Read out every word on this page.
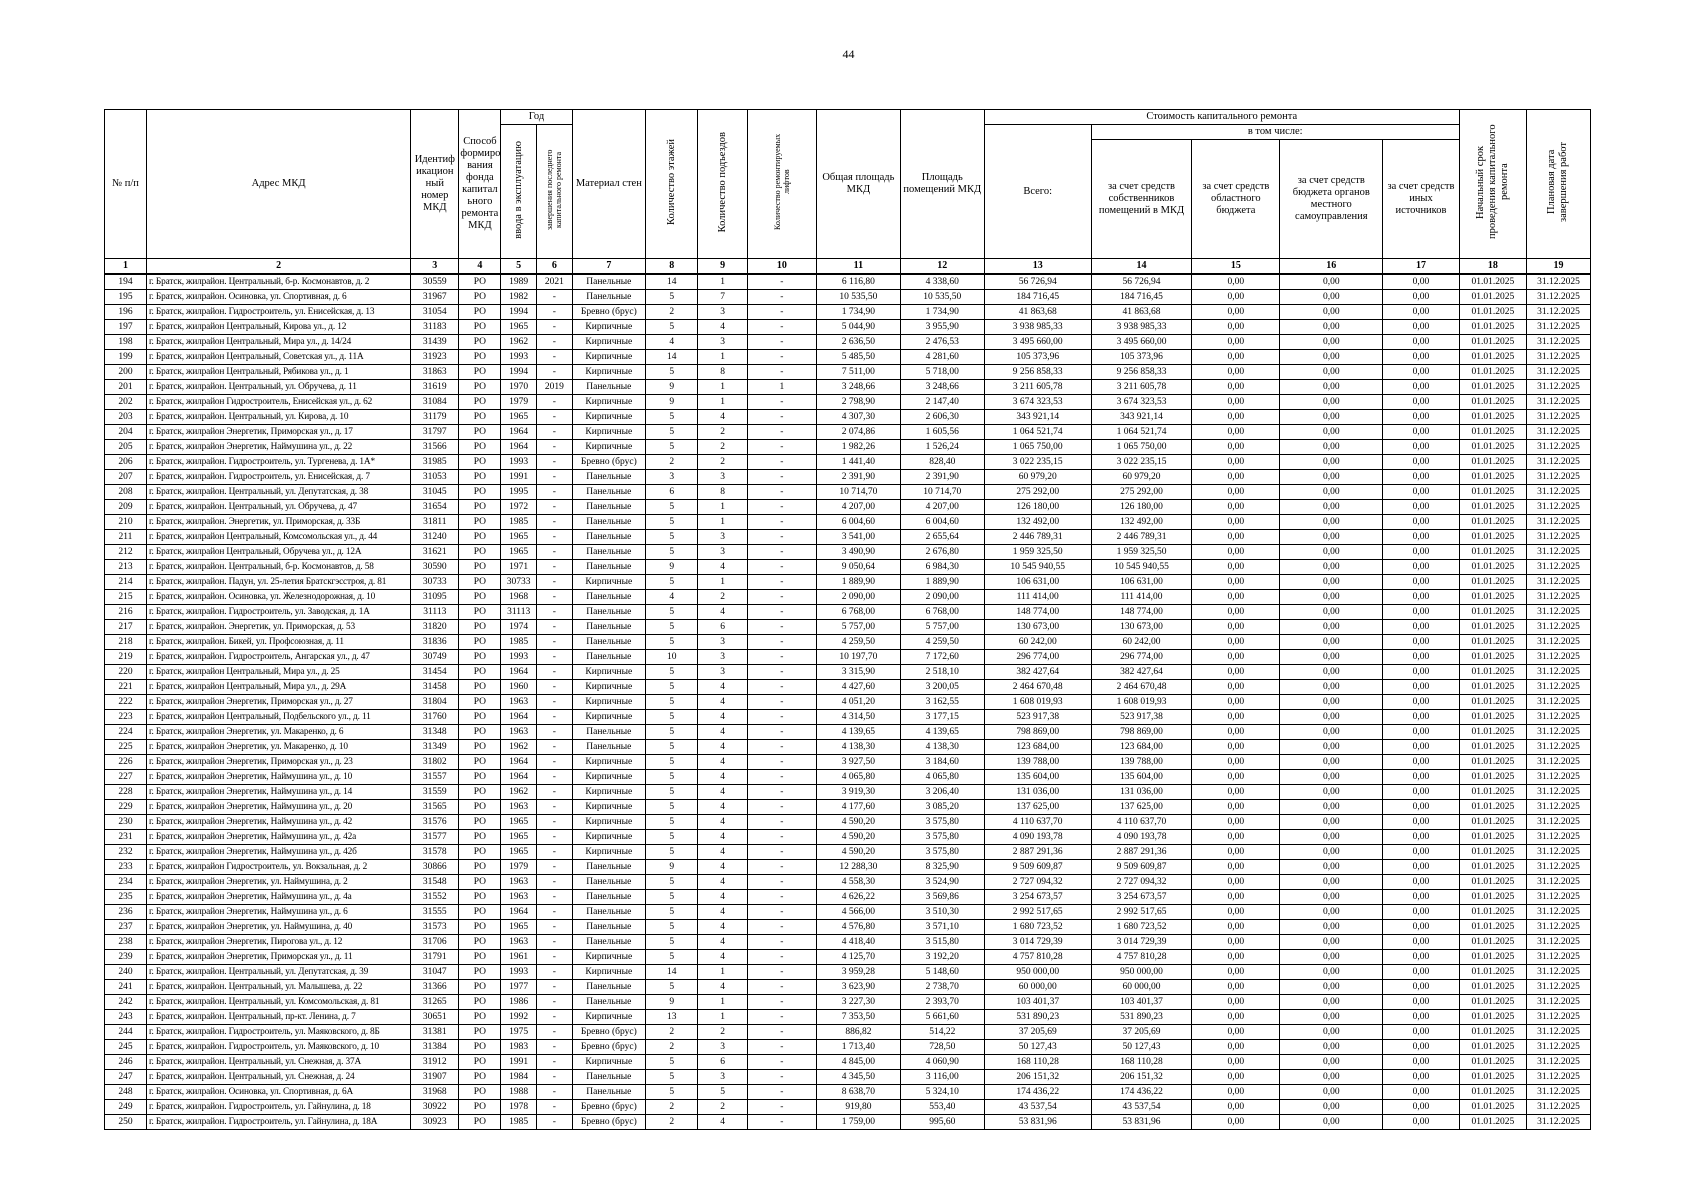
44
№ п/п	Адрес МКД	Идентиф икацион ный номер МКД	Способ формиро вания фонда капитал ьного ремонта МКД	Год		Материал стен	Количество этажей	Количество подъездов	Количество ремонтируемых лифтов	Общая площадь МКД	Площадь помещений МКД	Стоимость капитального ремонта					Начальный срок проведения капитального ремонта	Плановая дата завершения работ
				ввода в эксплуатацию	завершения последнего капитального ремонта							Всего:	в том числе:					
													за счет средств собственников помещений в МКД	за счет средств областного бюджета	за счет средств бюджета органов местного самоуправления	за счет средств иных источников		
1	2	3	4	5	6	7	8	9	10	11	12	13	14	15	16	17	18	19
194	г. Братск, жилрайон. Центральный, б-р. Космонавтов, д. 2	30559	РО	1989	2021	Панельные	14	1	-	6 116,80	4 338,60	56 726,94	56 726,94	0,00	0,00	0,00	01.01.2025	31.12.2025
195	г. Братск, жилрайон. Осиновка, ул. Спортивная, д. 6	31967	РО	1982	-	Панельные	5	7	-	10 535,50	10 535,50	184 716,45	184 716,45	0,00	0,00	0,00	01.01.2025	31.12.2025
196	г. Братск, жилрайон. Гидростроитель, ул. Енисейская, д. 13	31054	РО	1994	-	Бревно (брус)	2	3	-	1 734,90	1 734,90	41 863,68	41 863,68	0,00	0,00	0,00	01.01.2025	31.12.2025
197	г. Братск, жилрайон Центральный, Кирова ул., д. 12	31183	РО	1965	-	Кирпичные	5	4	-	5 044,90	3 955,90	3 938 985,33	3 938 985,33	0,00	0,00	0,00	01.01.2025	31.12.2025
198	г. Братск, жилрайон Центральный, Мира ул., д. 14/24	31439	РО	1962	-	Кирпичные	4	3	-	2 636,50	2 476,53	3 495 660,00	3 495 660,00	0,00	0,00	0,00	01.01.2025	31.12.2025
199	г. Братск, жилрайон Центральный, Советская ул., д. 11А	31923	РО	1993	-	Кирпичные	14	1	-	5 485,50	4 281,60	105 373,96	105 373,96	0,00	0,00	0,00	01.01.2025	31.12.2025
200	г. Братск, жилрайон Центральный, Рябикова ул., д. 1	31863	РО	1994	-	Кирпичные	5	8	-	7 511,00	5 718,00	9 256 858,33	9 256 858,33	0,00	0,00	0,00	01.01.2025	31.12.2025
201	г. Братск, жилрайон. Центральный, ул. Обручева, д. 11	31619	РО	1970	2019	Панельные	9	1	1	3 248,66	3 248,66	3 211 605,78	3 211 605,78	0,00	0,00	0,00	01.01.2025	31.12.2025
202	г. Братск, жилрайон Гидростроитель, Енисейская ул., д. 62	31084	РО	1979	-	Кирпичные	9	1	-	2 798,90	2 147,40	3 674 323,53	3 674 323,53	0,00	0,00	0,00	01.01.2025	31.12.2025
203	г. Братск, жилрайон. Центральный, ул. Кирова, д. 10	31179	РО	1965	-	Кирпичные	5	4	-	4 307,30	2 606,30	343 921,14	343 921,14	0,00	0,00	0,00	01.01.2025	31.12.2025
204	г. Братск, жилрайон Энергетик, Приморская ул., д. 17	31797	РО	1964	-	Кирпичные	5	2	-	2 074,86	1 605,56	1 064 521,74	1 064 521,74	0,00	0,00	0,00	01.01.2025	31.12.2025
205	г. Братск, жилрайон Энергетик, Наймушина ул., д. 22	31566	РО	1964	-	Кирпичные	5	2	-	1 982,26	1 526,24	1 065 750,00	1 065 750,00	0,00	0,00	0,00	01.01.2025	31.12.2025
206	г. Братск, жилрайон. Гидростроитель, ул. Тургенева, д. 1А*	31985	РО	1993	-	Бревно (брус)	2	2	-	1 441,40	828,40	3 022 235,15	3 022 235,15	0,00	0,00	0,00	01.01.2025	31.12.2025
207	г. Братск, жилрайон. Гидростроитель, ул. Енисейская, д. 7	31053	РО	1991	-	Панельные	3	3	-	2 391,90	2 391,90	60 979,20	60 979,20	0,00	0,00	0,00	01.01.2025	31.12.2025
208	г. Братск, жилрайон. Центральный, ул. Депутатская, д. 38	31045	РО	1995	-	Панельные	6	8	-	10 714,70	10 714,70	275 292,00	275 292,00	0,00	0,00	0,00	01.01.2025	31.12.2025
209	г. Братск, жилрайон. Центральный, ул. Обручева, д. 47	31654	РО	1972	-	Панельные	5	1	-	4 207,00	4 207,00	126 180,00	126 180,00	0,00	0,00	0,00	01.01.2025	31.12.2025
210	г. Братск, жилрайон. Энергетик, ул. Приморская, д. 33Б	31811	РО	1985	-	Панельные	5	1	-	6 004,60	6 004,60	132 492,00	132 492,00	0,00	0,00	0,00	01.01.2025	31.12.2025
211	г. Братск, жилрайон Центральный, Комсомольская ул., д. 44	31240	РО	1965	-	Панельные	5	3	-	3 541,00	2 655,64	2 446 789,31	2 446 789,31	0,00	0,00	0,00	01.01.2025	31.12.2025
212	г. Братск, жилрайон Центральный, Обручева ул., д. 12А	31621	РО	1965	-	Панельные	5	3	-	3 490,90	2 676,80	1 959 325,50	1 959 325,50	0,00	0,00	0,00	01.01.2025	31.12.2025
213	г. Братск, жилрайон. Центральный, б-р. Космонавтов, д. 58	30590	РО	1971	-	Панельные	9	4	-	9 050,64	6 984,30	10 545 940,55	10 545 940,55	0,00	0,00	0,00	01.01.2025	31.12.2025
214	г. Братск, жилрайон. Падун, ул. 25-летия Братскгэсстроя, д. 81	30733	РО	30733	-	Кирпичные	5	1	-	1 889,90	1 889,90	106 631,00	106 631,00	0,00	0,00	0,00	01.01.2025	31.12.2025
215	г. Братск, жилрайон. Осиновка, ул. Железнодорожная, д. 10	31095	РО	1968	-	Панельные	4	2	-	2 090,00	2 090,00	111 414,00	111 414,00	0,00	0,00	0,00	01.01.2025	31.12.2025
216	г. Братск, жилрайон. Гидростроитель, ул. Заводская, д. 1А	31113	РО	31113	-	Панельные	5	4	-	6 768,00	6 768,00	148 774,00	148 774,00	0,00	0,00	0,00	01.01.2025	31.12.2025
217	г. Братск, жилрайон. Энергетик, ул. Приморская, д. 53	31820	РО	1974	-	Панельные	5	6	-	5 757,00	5 757,00	130 673,00	130 673,00	0,00	0,00	0,00	01.01.2025	31.12.2025
218	г. Братск, жилрайон. Бикей, ул. Профсоюзная, д. 11	31836	РО	1985	-	Панельные	5	3	-	4 259,50	4 259,50	60 242,00	60 242,00	0,00	0,00	0,00	01.01.2025	31.12.2025
219	г. Братск, жилрайон. Гидростроитель, Ангарская ул., д. 47	30749	РО	1993	-	Панельные	10	3	-	10 197,70	7 172,60	296 774,00	296 774,00	0,00	0,00	0,00	01.01.2025	31.12.2025
220	г. Братск, жилрайон Центральный, Мира ул., д. 25	31454	РО	1964	-	Кирпичные	5	3	-	3 315,90	2 518,10	382 427,64	382 427,64	0,00	0,00	0,00	01.01.2025	31.12.2025
221	г. Братск, жилрайон Центральный, Мира ул., д. 29А	31458	РО	1960	-	Кирпичные	5	4	-	4 427,60	3 200,05	2 464 670,48	2 464 670,48	0,00	0,00	0,00	01.01.2025	31.12.2025
222	г. Братск, жилрайон Энергетик, Приморская ул., д. 27	31804	РО	1963	-	Кирпичные	5	4	-	4 051,20	3 162,55	1 608 019,93	1 608 019,93	0,00	0,00	0,00	01.01.2025	31.12.2025
223	г. Братск, жилрайон Центральный, Подбельского ул., д. 11	31760	РО	1964	-	Кирпичные	5	4	-	4 314,50	3 177,15	523 917,38	523 917,38	0,00	0,00	0,00	01.01.2025	31.12.2025
224	г. Братск, жилрайон Энергетик, ул. Макаренко, д. 6	31348	РО	1963	-	Панельные	5	4	-	4 139,65	4 139,65	798 869,00	798 869,00	0,00	0,00	0,00	01.01.2025	31.12.2025
225	г. Братск, жилрайон Энергетик, ул. Макаренко, д. 10	31349	РО	1962	-	Панельные	5	4	-	4 138,30	4 138,30	123 684,00	123 684,00	0,00	0,00	0,00	01.01.2025	31.12.2025
226	г. Братск, жилрайон Энергетик, Приморская ул., д. 23	31802	РО	1964	-	Кирпичные	5	4	-	3 927,50	3 184,60	139 788,00	139 788,00	0,00	0,00	0,00	01.01.2025	31.12.2025
227	г. Братск, жилрайон Энергетик, Наймушина ул., д. 10	31557	РО	1964	-	Кирпичные	5	4	-	4 065,80	4 065,80	135 604,00	135 604,00	0,00	0,00	0,00	01.01.2025	31.12.2025
228	г. Братск, жилрайон Энергетик, Наймушина ул., д. 14	31559	РО	1962	-	Кирпичные	5	4	-	3 919,30	3 206,40	131 036,00	131 036,00	0,00	0,00	0,00	01.01.2025	31.12.2025
229	г. Братск, жилрайон Энергетик, Наймушина ул., д. 20	31565	РО	1963	-	Кирпичные	5	4	-	4 177,60	3 085,20	137 625,00	137 625,00	0,00	0,00	0,00	01.01.2025	31.12.2025
230	г. Братск, жилрайон Энергетик, Наймушина ул., д. 42	31576	РО	1965	-	Кирпичные	5	4	-	4 590,20	3 575,80	4 110 637,70	4 110 637,70	0,00	0,00	0,00	01.01.2025	31.12.2025
231	г. Братск, жилрайон Энергетик, Наймушина ул., д. 42а	31577	РО	1965	-	Кирпичные	5	4	-	4 590,20	3 575,80	4 090 193,78	4 090 193,78	0,00	0,00	0,00	01.01.2025	31.12.2025
232	г. Братск, жилрайон Энергетик, Наймушина ул., д. 42б	31578	РО	1965	-	Кирпичные	5	4	-	4 590,20	3 575,80	2 887 291,36	2 887 291,36	0,00	0,00	0,00	01.01.2025	31.12.2025
233	г. Братск, жилрайон Гидростроитель, ул. Вокзальная, д. 2	30866	РО	1979	-	Панельные	9	4	-	12 288,30	8 325,90	9 509 609,87	9 509 609,87	0,00	0,00	0,00	01.01.2025	31.12.2025
234	г. Братск, жилрайон Энергетик, ул. Наймушина, д. 2	31548	РО	1963	-	Панельные	5	4	-	4 558,30	3 524,90	2 727 094,32	2 727 094,32	0,00	0,00	0,00	01.01.2025	31.12.2025
235	г. Братск, жилрайон Энергетик, Наймушина ул., д. 4а	31552	РО	1963	-	Панельные	5	4	-	4 626,22	3 569,86	3 254 673,57	3 254 673,57	0,00	0,00	0,00	01.01.2025	31.12.2025
236	г. Братск, жилрайон Энергетик, Наймушина ул., д. 6	31555	РО	1964	-	Панельные	5	4	-	4 566,00	3 510,30	2 992 517,65	2 992 517,65	0,00	0,00	0,00	01.01.2025	31.12.2025
237	г. Братск, жилрайон Энергетик, ул. Наймушина, д. 40	31573	РО	1965	-	Панельные	5	4	-	4 576,80	3 571,10	1 680 723,52	1 680 723,52	0,00	0,00	0,00	01.01.2025	31.12.2025
238	г. Братск, жилрайон Энергетик, Пирогова ул., д. 12	31706	РО	1963	-	Панельные	5	4	-	4 418,40	3 515,80	3 014 729,39	3 014 729,39	0,00	0,00	0,00	01.01.2025	31.12.2025
239	г. Братск, жилрайон Энергетик, Приморская ул., д. 11	31791	РО	1961	-	Кирпичные	5	4	-	4 125,70	3 192,20	4 757 810,28	4 757 810,28	0,00	0,00	0,00	01.01.2025	31.12.2025
240	г. Братск, жилрайон. Центральный, ул. Депутатская, д. 39	31047	РО	1993	-	Кирпичные	14	1	-	3 959,28	5 148,60	950 000,00	950 000,00	0,00	0,00	0,00	01.01.2025	31.12.2025
241	г. Братск, жилрайон. Центральный, ул. Малышева, д. 22	31366	РО	1977	-	Панельные	5	4	-	3 623,90	2 738,70	60 000,00	60 000,00	0,00	0,00	0,00	01.01.2025	31.12.2025
242	г. Братск, жилрайон. Центральный, ул. Комсомольская, д. 81	31265	РО	1986	-	Панельные	9	1	-	3 227,30	2 393,70	103 401,37	103 401,37	0,00	0,00	0,00	01.01.2025	31.12.2025
243	г. Братск, жилрайон. Центральный, пр-кт. Ленина, д. 7	30651	РО	1992	-	Кирпичные	13	1	-	7 353,50	5 661,60	531 890,23	531 890,23	0,00	0,00	0,00	01.01.2025	31.12.2025
244	г. Братск, жилрайон. Гидростроитель, ул. Маяковского, д. 8Б	31381	РО	1975	-	Бревно (брус)	2	2	-	886,82	514,22	37 205,69	37 205,69	0,00	0,00	0,00	01.01.2025	31.12.2025
245	г. Братск, жилрайон. Гидростроитель, ул. Маяковского, д. 10	31384	РО	1983	-	Бревно (брус)	2	3	-	1 713,40	728,50	50 127,43	50 127,43	0,00	0,00	0,00	01.01.2025	31.12.2025
246	г. Братск, жилрайон. Центральный, ул. Снежная, д. 37А	31912	РО	1991	-	Кирпичные	5	6	-	4 845,00	4 060,90	168 110,28	168 110,28	0,00	0,00	0,00	01.01.2025	31.12.2025
247	г. Братск, жилрайон. Центральный, ул. Снежная, д. 24	31907	РО	1984	-	Панельные	5	3	-	4 345,50	3 116,00	206 151,32	206 151,32	0,00	0,00	0,00	01.01.2025	31.12.2025
248	г. Братск, жилрайон. Осиновка, ул. Спортивная, д. 6А	31968	РО	1988	-	Панельные	5	5	-	8 638,70	5 324,10	174 436,22	174 436,22	0,00	0,00	0,00	01.01.2025	31.12.2025
249	г. Братск, жилрайон. Гидростроитель, ул. Гайнулина, д. 18	30922	РО	1978	-	Бревно (брус)	2	2	-	919,80	553,40	43 537,54	43 537,54	0,00	0,00	0,00	01.01.2025	31.12.2025
250	г. Братск, жилрайон. Гидростроитель, ул. Гайнулина, д. 18А	30923	РО	1985	-	Бревно (брус)	2	4	-	1 759,00	995,60	53 831,96	53 831,96	0,00	0,00	0,00	01.01.2025	31.12.2025
